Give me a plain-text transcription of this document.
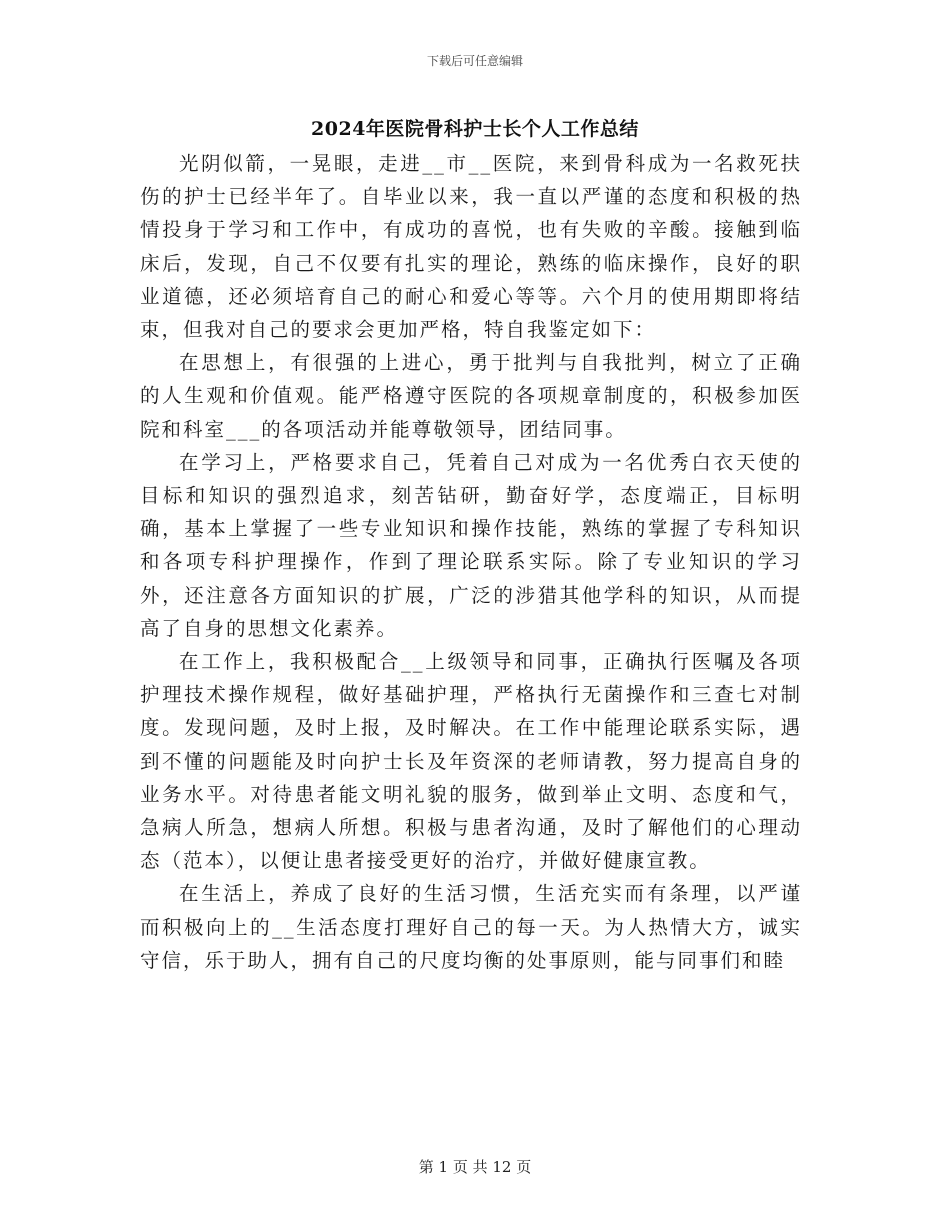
下载后可任意编辑
2024年医院骨科护士长个人工作总结

光阴似箭，一晃眼，走进__市__医院，来到骨科成为一名救死扶伤的护士已经半年了。自毕业以来，我一直以严谨的态度和积极的热情投身于学习和工作中，有成功的喜悦，也有失败的辛酸。接触到临床后，发现，自己不仅要有扎实的理论，熟练的临床操作，良好的职业道德，还必须培育自己的耐心和爱心等等。六个月的使用期即将结束，但我对自己的要求会更加严格，特自我鉴定如下：

在思想上，有很强的上进心，勇于批判与自我批判，树立了正确的人生观和价值观。能严格遵守医院的各项规章制度的，积极参加医院和科室___的各项活动并能尊敬领导，团结同事。

在学习上，严格要求自己，凭着自己对成为一名优秀白衣天使的目标和知识的强烈追求，刻苦钻研，勤奋好学，态度端正，目标明确，基本上掌握了一些专业知识和操作技能，熟练的掌握了专科知识和各项专科护理操作，作到了理论联系实际。除了专业知识的学习外，还注意各方面知识的扩展，广泛的涉猎其他学科的知识，从而提高了自身的思想文化素养。

在工作上，我积极配合__上级领导和同事，正确执行医嘱及各项护理技术操作规程，做好基础护理，严格执行无菌操作和三查七对制度。发现问题，及时上报，及时解决。在工作中能理论联系实际，遇到不懂的问题能及时向护士长及年资深的老师请教，努力提高自身的业务水平。对待患者能文明礼貌的服务，做到举止文明、态度和气，急病人所急，想病人所想。积极与患者沟通，及时了解他们的心理动态（范本），以便让患者接受更好的治疗，并做好健康宣教。

在生活上，养成了良好的生活习惯，生活充实而有条理，以严谨而积极向上的__生活态度打理好自己的每一天。为人热情大方，诚实守信，乐于助人，拥有自己的尺度均衡的处事原则，能与同事们和睦

第 1 页 共 12 页
